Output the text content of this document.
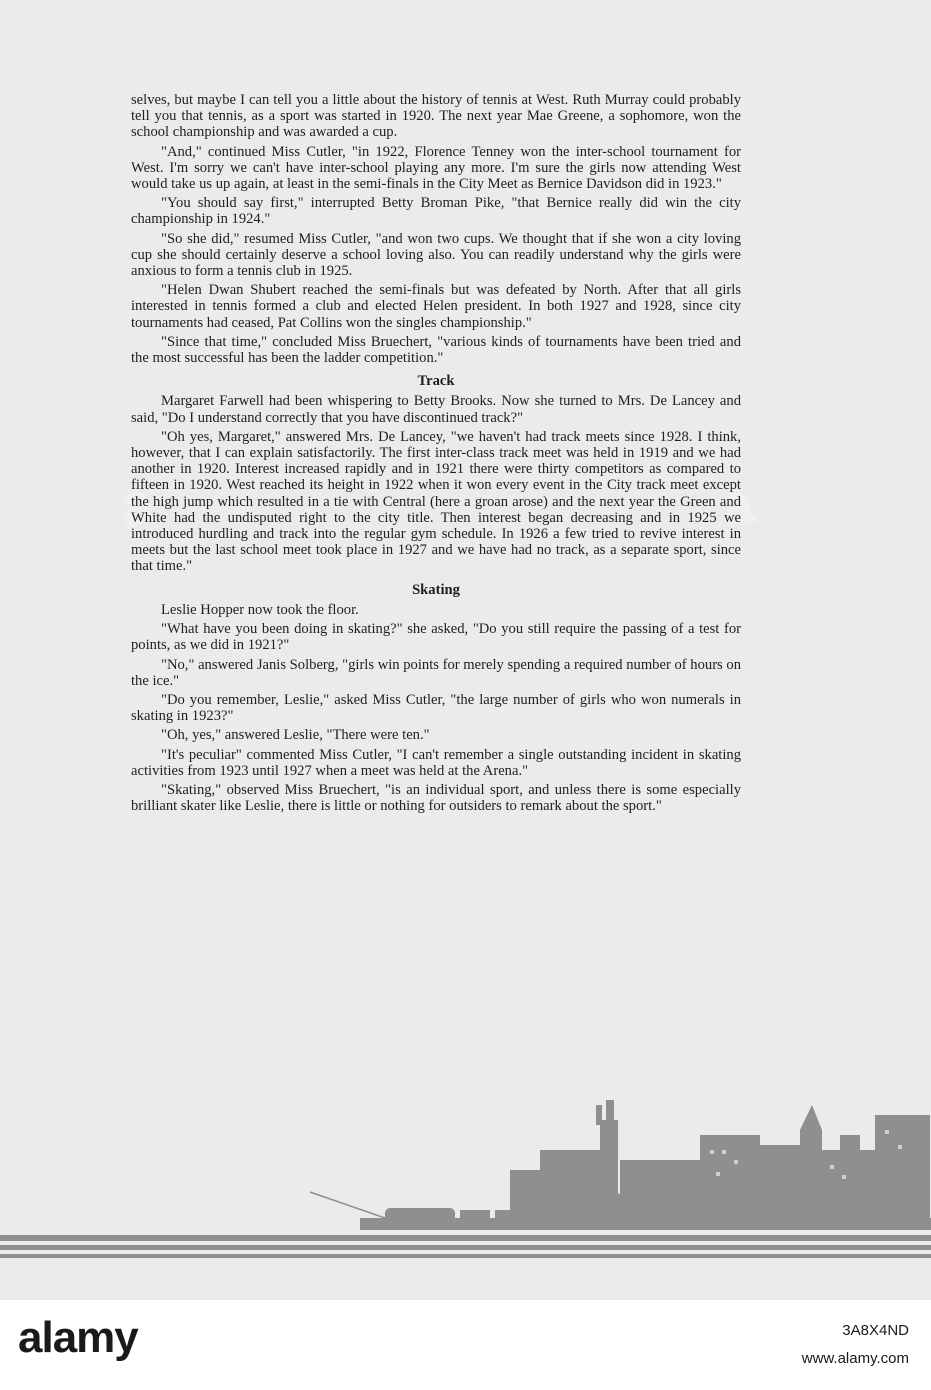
a	a

selves, but maybe I can tell you a little about the history of tennis at West. Ruth Murray could probably tell you that tennis, as a sport was started in 1920. The next year Mae Greene, a sophomore, won the school championship and was awarded a cup.

"And," continued Miss Cutler, "in 1922, Florence Tenney won the inter-school tournament for West. I'm sorry we can't have inter-school playing any more. I'm sure the girls now attending West would take us up again, at least in the semi-finals in the City Meet as Bernice Davidson did in 1923."

"You should say first," interrupted Betty Broman Pike, "that Bernice really did win the city championship in 1924."

"So she did," resumed Miss Cutler, "and won two cups. We thought that if she won a city loving cup she should certainly deserve a school loving also. You can readily understand why the girls were anxious to form a tennis club in 1925.

"Helen Dwan Shubert reached the semi-finals but was defeated by North. After that all girls interested in tennis formed a club and elected Helen president. In both 1927 and 1928, since city tournaments had ceased, Pat Collins won the singles championship."

"Since that time," concluded Miss Bruechert, "various kinds of tournaments have been tried and the most successful has been the ladder competition."

Track

Margaret Farwell had been whispering to Betty Brooks. Now she turned to Mrs. De Lancey and said, "Do I understand correctly that you have discontinued track?"

"Oh yes, Margaret," answered Mrs. De Lancey, "we haven't had track meets since 1928. I think, however, that I can explain satisfactorily. The first inter-class track meet was held in 1919 and we had another in 1920. Interest increased rapidly and in 1921 there were thirty competitors as compared to fifteen in 1920. West reached its height in 1922 when it won every event in the City track meet except the high jump which resulted in a tie with Central (here a groan arose) and the next year the Green and White had the undisputed right to the city title. Then interest began decreasing and in 1925 we introduced hurdling and track into the regular gym schedule. In 1926 a few tried to revive interest in meets but the last school meet took place in 1927 and we have had no track, as a separate sport, since that time."

Skating

Leslie Hopper now took the floor.

"What have you been doing in skating?" she asked, "Do you still require the passing of a test for points, as we did in 1921?"

"No," answered Janis Solberg, "girls win points for merely spending a required number of hours on the ice."

"Do you remember, Leslie," asked Miss Cutler, "the large number of girls who won numerals in skating in 1923?"

"Oh, yes," answered Leslie, "There were ten."

"It's peculiar" commented Miss Cutler, "I can't remember a single outstanding incident in skating activities from 1923 until 1927 when a meet was held at the Arena."

"Skating," observed Miss Bruechert, "is an individual sport, and unless there is some especially brilliant skater like Leslie, there is little or nothing for outsiders to remark about the sport."

alamy	3A8X4ND
www.alamy.com
